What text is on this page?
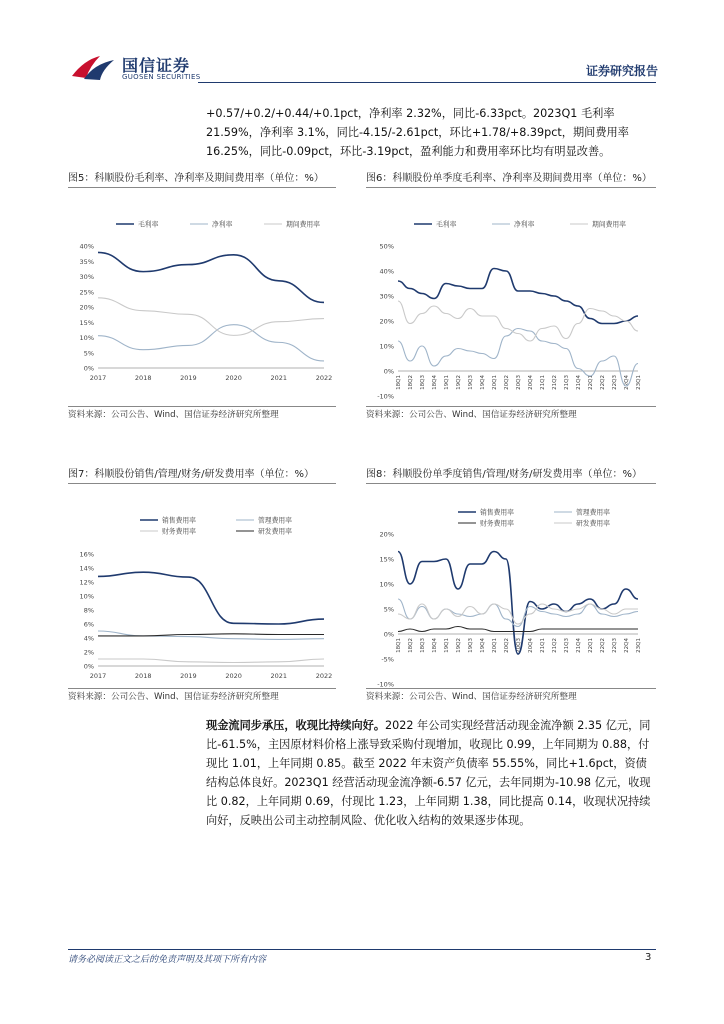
国信证券
GUOSEN SECURITIES	证券研究报告

+0.57/+0.2/+0.44/+0.1pct，净利率 2.32%，同比-6.33pct。2023Q1 毛利率 21.59%，净利率 3.1%，同比-4.15/-2.61pct，环比+1.78/+8.39pct，期间费用率 16.25%，同比-0.09pct，环比-3.19pct，盈利能力和费用率环比均有明显改善。

图5：科顺股份毛利率、净利率及期间费用率（单位：%）
0%
5%
10%
15%
20%
25%
30%
35%
40%
2017	2018	2019	2020	2021	2022
毛利率	净利率	期间费用率
资料来源：公司公告、Wind、国信证券经济研究所整理
图6：科顺股份单季度毛利率、净利率及期间费用率（单位：%）
-10%
0%
10%
20%
30%
40%
50%
18Q1 18Q2 18Q3 18Q4 19Q1 19Q2 19Q3 19Q4 20Q1 20Q2 20Q3 20Q4 21Q1 21Q2 21Q3 21Q4 22Q1 22Q2 22Q3 22Q4 23Q1
毛利率	净利率	期间费用率
资料来源：公司公告、Wind、国信证券经济研究所整理
图7：科顺股份销售/管理/财务/研发费用率（单位：%）
0%
2%
4%
6%
8%
10%
12%
14%
16%
2017	2018	2019	2020	2021	2022
销售费用率	管理费用率
财务费用率	研发费用率
资料来源：公司公告、Wind、国信证券经济研究所整理
图8：科顺股份单季度销售/管理/财务/研发费用率（单位：%）
-10%
-5%
0%
5%
10%
15%
20%
18Q1 18Q2 18Q3 18Q4 19Q1 19Q2 19Q3 19Q4 20Q1 20Q2 20Q3 20Q4 21Q1 21Q2 21Q3 21Q4 22Q1 22Q2 22Q3 22Q4 23Q1
销售费用率	管理费用率
财务费用率	研发费用率
资料来源：公司公告、Wind、国信证券经济研究所整理

现金流同步承压，收现比持续向好。2022 年公司实现经营活动现金流净额 2.35 亿元，同比-61.5%，主因原材料价格上涨导致采购付现增加，收现比 0.99，上年同期为 0.88，付现比 1.01，上年同期 0.85。截至 2022 年末资产负债率 55.55%，同比+1.6pct，资债结构总体良好。2023Q1 经营活动现金流净额-6.57 亿元，去年同期为-10.98 亿元，收现比 0.82，上年同期 0.69，付现比 1.23，上年同期 1.38，同比提高 0.14，收现状况持续向好，反映出公司主动控制风险、优化收入结构的效果逐步体现。

请务必阅读正文之后的免责声明及其项下所有内容	3
